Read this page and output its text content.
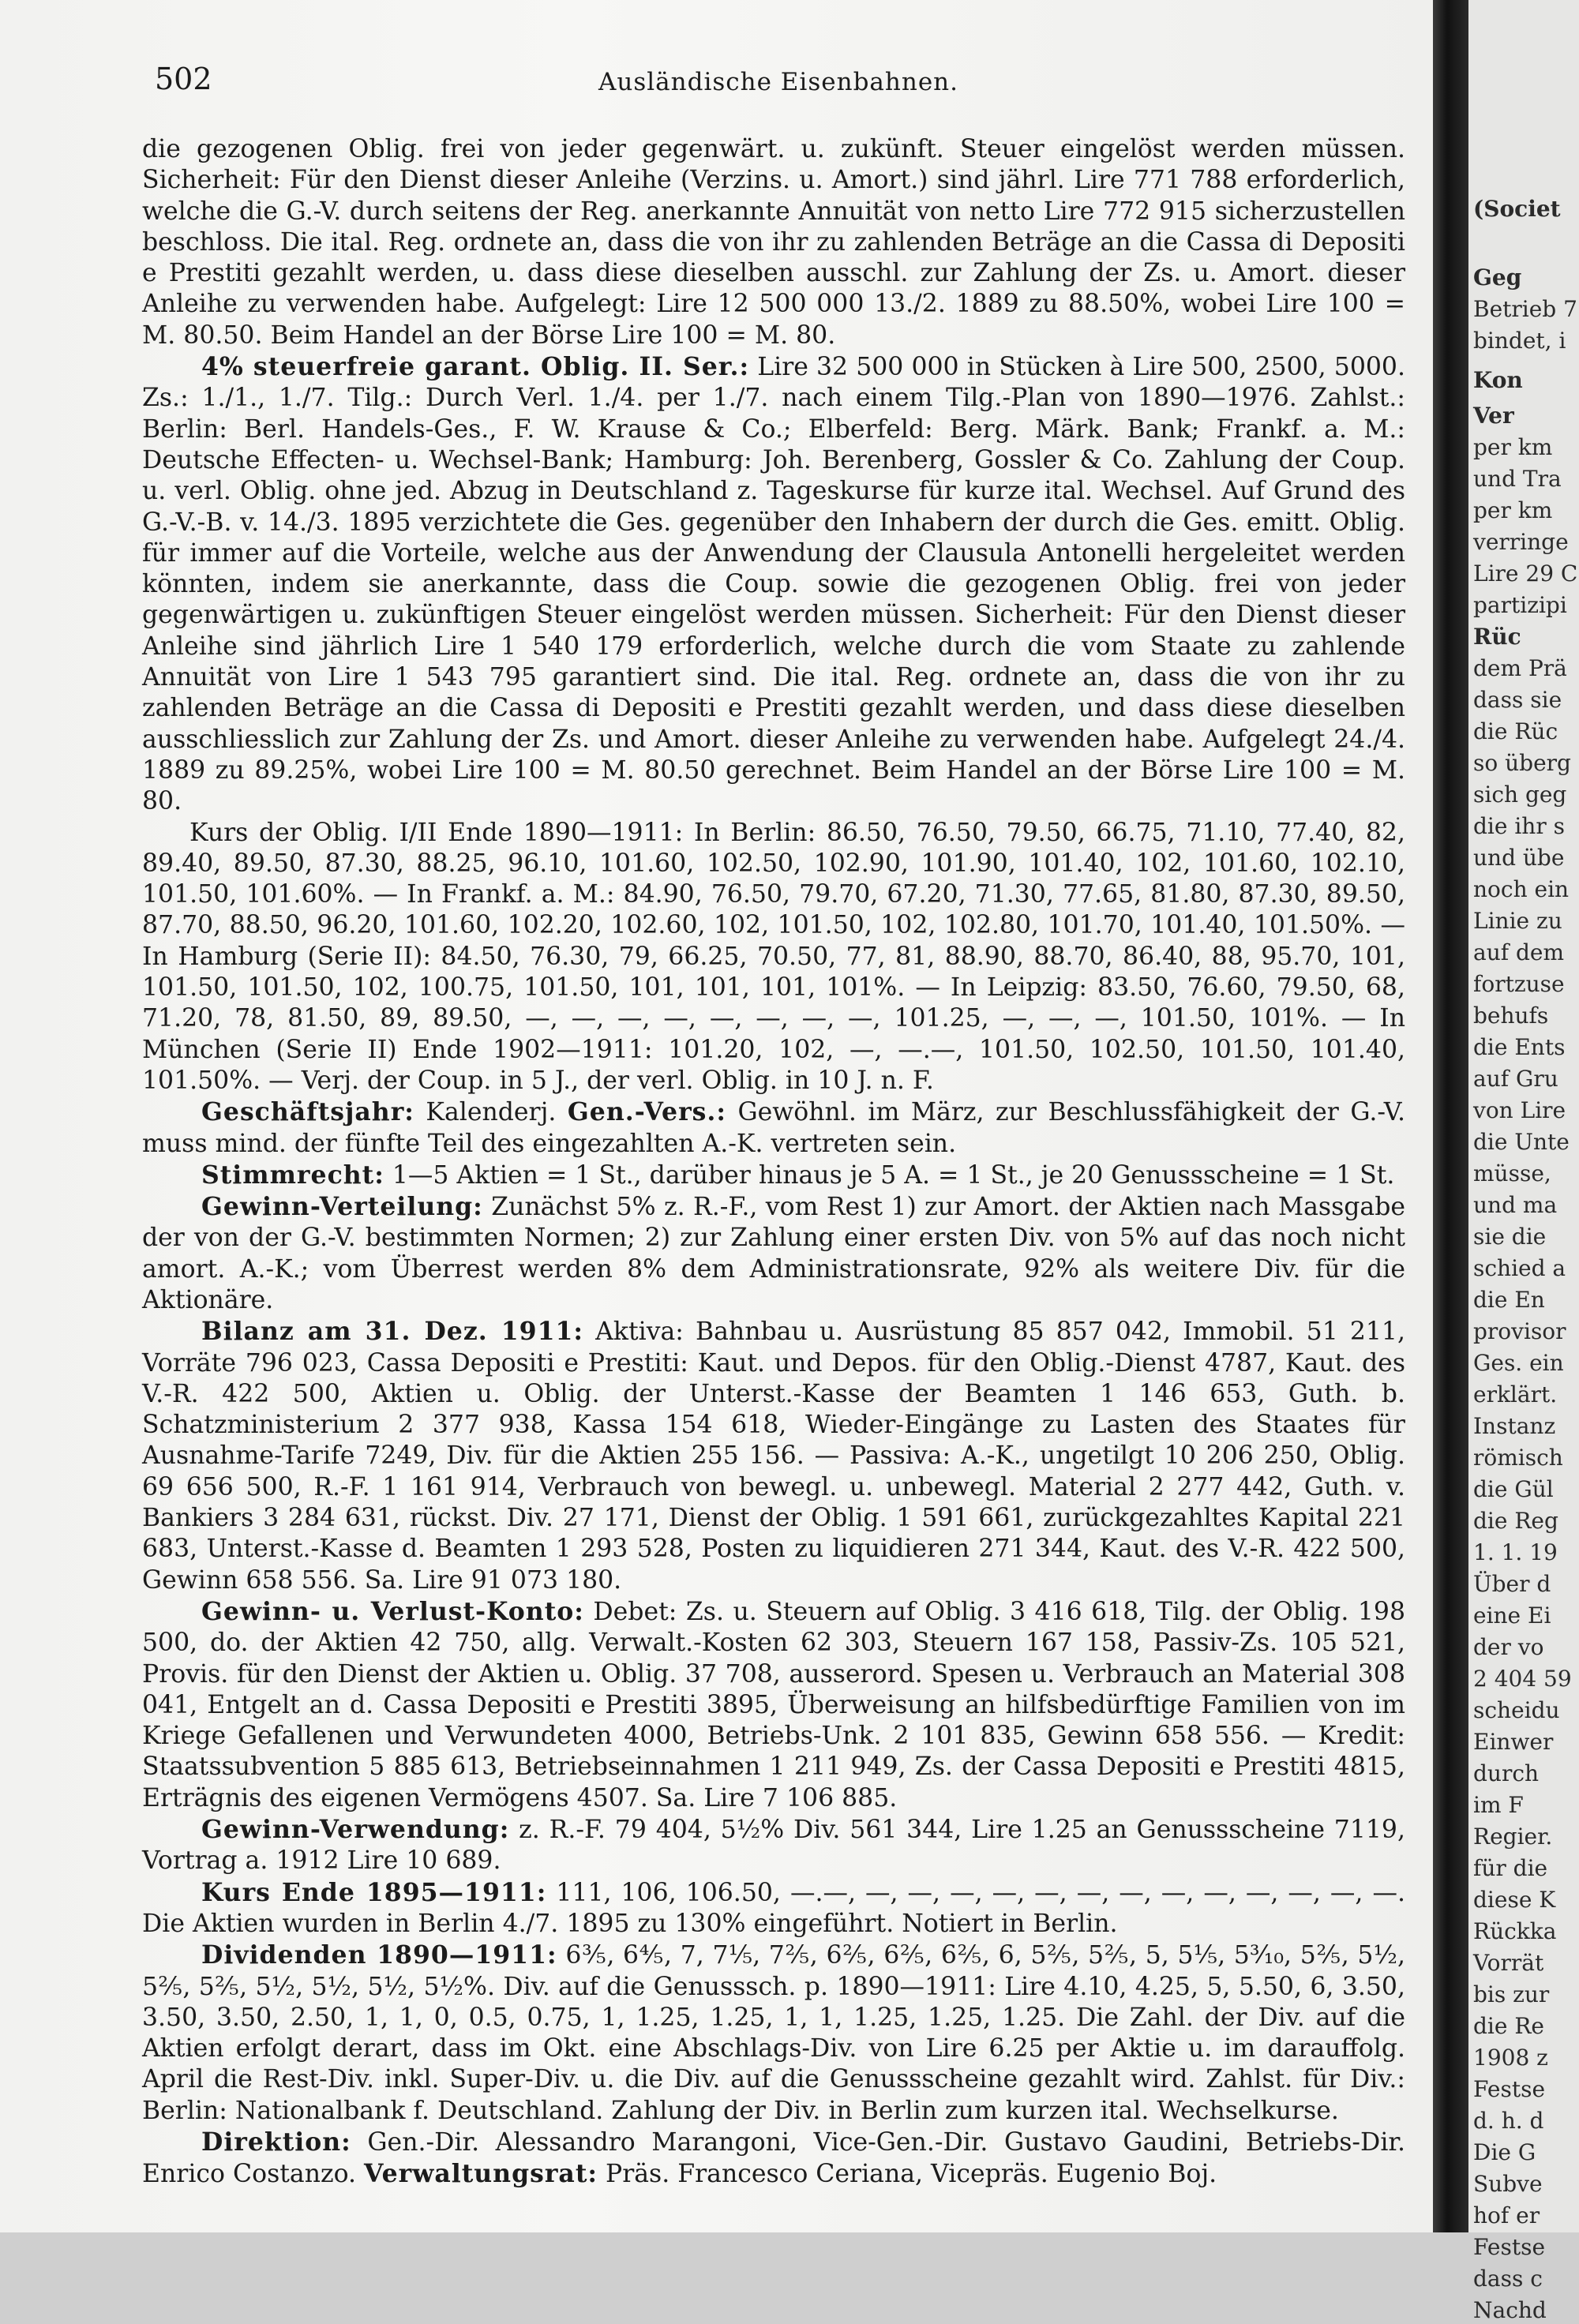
502	Ausländische Eisenbahnen.

die gezogenen Oblig. frei von jeder gegenwärt. u. zukünft. Steuer eingelöst werden müssen. Sicherheit: Für den Dienst dieser Anleihe (Verzins. u. Amort.) sind jährl. Lire 771 788 erforderlich, welche die G.-V. durch seitens der Reg. anerkannte Annuität von netto Lire 772 915 sicherzustellen beschloss. Die ital. Reg. ordnete an, dass die von ihr zu zahlenden Beträge an die Cassa di Depositi e Prestiti gezahlt werden, u. dass diese dieselben ausschl. zur Zahlung der Zs. u. Amort. dieser Anleihe zu verwenden habe. Aufgelegt: Lire 12 500 000 13./2. 1889 zu 88.50%, wobei Lire 100 = M. 80.50. Beim Handel an der Börse Lire 100 = M. 80.

4% steuerfreie garant. Oblig. II. Ser.: Lire 32 500 000 in Stücken à Lire 500, 2500, 5000. Zs.: 1./1., 1./7. Tilg.: Durch Verl. 1./4. per 1./7. nach einem Tilg.-Plan von 1890—1976. Zahlst.: Berlin: Berl. Handels-Ges., F. W. Krause & Co.; Elberfeld: Berg. Märk. Bank; Frankf. a. M.: Deutsche Effecten- u. Wechsel-Bank; Hamburg: Joh. Berenberg, Gossler & Co. Zahlung der Coup. u. verl. Oblig. ohne jed. Abzug in Deutschland z. Tageskurse für kurze ital. Wechsel. Auf Grund des G.-V.-B. v. 14./3. 1895 verzichtete die Ges. gegenüber den Inhabern der durch die Ges. emitt. Oblig. für immer auf die Vorteile, welche aus der Anwendung der Clausula Antonelli hergeleitet werden könnten, indem sie anerkannte, dass die Coup. sowie die gezogenen Oblig. frei von jeder gegenwärtigen u. zukünftigen Steuer eingelöst werden müssen. Sicherheit: Für den Dienst dieser Anleihe sind jährlich Lire 1 540 179 erforderlich, welche durch die vom Staate zu zahlende Annuität von Lire 1 543 795 garantiert sind. Die ital. Reg. ordnete an, dass die von ihr zu zahlenden Beträge an die Cassa di Depositi e Prestiti gezahlt werden, und dass diese dieselben ausschliesslich zur Zahlung der Zs. und Amort. dieser Anleihe zu verwenden habe. Aufgelegt 24./4. 1889 zu 89.25%, wobei Lire 100 = M. 80.50 gerechnet. Beim Handel an der Börse Lire 100 = M. 80.

Kurs der Oblig. I/II Ende 1890—1911: In Berlin: 86.50, 76.50, 79.50, 66.75, 71.10, 77.40, 82, 89.40, 89.50, 87.30, 88.25, 96.10, 101.60, 102.50, 102.90, 101.90, 101.40, 102, 101.60, 102.10, 101.50, 101.60%. — In Frankf. a. M.: 84.90, 76.50, 79.70, 67.20, 71.30, 77.65, 81.80, 87.30, 89.50, 87.70, 88.50, 96.20, 101.60, 102.20, 102.60, 102, 101.50, 102, 102.80, 101.70, 101.40, 101.50%. — In Hamburg (Serie II): 84.50, 76.30, 79, 66.25, 70.50, 77, 81, 88.90, 88.70, 86.40, 88, 95.70, 101, 101.50, 101.50, 102, 100.75, 101.50, 101, 101, 101, 101%. — In Leipzig: 83.50, 76.60, 79.50, 68, 71.20, 78, 81.50, 89, 89.50, —, —, —, —, —, —, —, —, 101.25, —, —, —, 101.50, 101%. — In München (Serie II) Ende 1902—1911: 101.20, 102, —, —.—, 101.50, 102.50, 101.50, 101.40, 101.50%. — Verj. der Coup. in 5 J., der verl. Oblig. in 10 J. n. F.

Geschäftsjahr: Kalenderj. Gen.-Vers.: Gewöhnl. im März, zur Beschlussfähigkeit der G.-V. muss mind. der fünfte Teil des eingezahlten A.-K. vertreten sein.

Stimmrecht: 1—5 Aktien = 1 St., darüber hinaus je 5 A. = 1 St., je 20 Genussscheine = 1 St.

Gewinn-Verteilung: Zunächst 5% z. R.-F., vom Rest 1) zur Amort. der Aktien nach Massgabe der von der G.-V. bestimmten Normen; 2) zur Zahlung einer ersten Div. von 5% auf das noch nicht amort. A.-K.; vom Überrest werden 8% dem Administrationsrate, 92% als weitere Div. für die Aktionäre.

Bilanz am 31. Dez. 1911: Aktiva: Bahnbau u. Ausrüstung 85 857 042, Immobil. 51 211, Vorräte 796 023, Cassa Depositi e Prestiti: Kaut. und Depos. für den Oblig.-Dienst 4787, Kaut. des V.-R. 422 500, Aktien u. Oblig. der Unterst.-Kasse der Beamten 1 146 653, Guth. b. Schatzministerium 2 377 938, Kassa 154 618, Wieder-Eingänge zu Lasten des Staates für Ausnahme-Tarife 7249, Div. für die Aktien 255 156. — Passiva: A.-K., ungetilgt 10 206 250, Oblig. 69 656 500, R.-F. 1 161 914, Verbrauch von bewegl. u. unbewegl. Material 2 277 442, Guth. v. Bankiers 3 284 631, rückst. Div. 27 171, Dienst der Oblig. 1 591 661, zurückgezahltes Kapital 221 683, Unterst.-Kasse d. Beamten 1 293 528, Posten zu liquidieren 271 344, Kaut. des V.-R. 422 500, Gewinn 658 556. Sa. Lire 91 073 180.

Gewinn- u. Verlust-Konto: Debet: Zs. u. Steuern auf Oblig. 3 416 618, Tilg. der Oblig. 198 500, do. der Aktien 42 750, allg. Verwalt.-Kosten 62 303, Steuern 167 158, Passiv-Zs. 105 521, Provis. für den Dienst der Aktien u. Oblig. 37 708, ausserord. Spesen u. Verbrauch an Material 308 041, Entgelt an d. Cassa Depositi e Prestiti 3895, Überweisung an hilfsbedürftige Familien von im Kriege Gefallenen und Verwundeten 4000, Betriebs-Unk. 2 101 835, Gewinn 658 556. — Kredit: Staatssubvention 5 885 613, Betriebseinnahmen 1 211 949, Zs. der Cassa Depositi e Prestiti 4815, Erträgnis des eigenen Vermögens 4507. Sa. Lire 7 106 885.

Gewinn-Verwendung: z. R.-F. 79 404, 5½% Div. 561 344, Lire 1.25 an Genussscheine 7119, Vortrag a. 1912 Lire 10 689.

Kurs Ende 1895—1911: 111, 106, 106.50, —.—, —, —, —, —, —, —, —, —, —, —, —, —, —. Die Aktien wurden in Berlin 4./7. 1895 zu 130% eingeführt. Notiert in Berlin.

Dividenden 1890—1911: 6⅗, 6⅘, 7, 7⅕, 7⅖, 6⅖, 6⅖, 6⅖, 6, 5⅖, 5⅖, 5, 5⅕, 5³⁄₁₀, 5⅖, 5½, 5⅖, 5⅖, 5½, 5½, 5½, 5½%. Div. auf die Genusssch. p. 1890—1911: Lire 4.10, 4.25, 5, 5.50, 6, 3.50, 3.50, 3.50, 2.50, 1, 1, 0, 0.5, 0.75, 1, 1.25, 1.25, 1, 1, 1.25, 1.25, 1.25. Die Zahl. der Div. auf die Aktien erfolgt derart, dass im Okt. eine Abschlags-Div. von Lire 6.25 per Aktie u. im darauffolg. April die Rest-Div. inkl. Super-Div. u. die Div. auf die Genussscheine gezahlt wird. Zahlst. für Div.: Berlin: Nationalbank f. Deutschland. Zahlung der Div. in Berlin zum kurzen ital. Wechselkurse.

Direktion: Gen.-Dir. Alessandro Marangoni, Vice-Gen.-Dir. Gustavo Gaudini, Betriebs-Dir. Enrico Costanzo. Verwaltungsrat: Präs. Francesco Ceriana, Vicepräs. Eugenio Boj.

(Societ
Geg
Betrieb 7
bindet, i
Kon
Ver
per km
und Tra
per km
verringe
Lire 29 C
partizipi
Rüc
dem Prä
dass sie
die Rüc
so überg
sich geg
die ihr s
und übe
noch ein
Linie zu
auf dem
fortzuse
behufs
die Ents
auf Gru
von Lire
die Unte
müsse,
und ma
sie die
schied a
die En
provisor
Ges. ein
erklärt.
Instanz
römisch
die Gül
die Reg
1. 1. 19
Über d
eine Ei
der vo
2 404 59
scheidu
Einwer
durch
im F
Regier.
für die
diese K
Rückka
Vorrät
bis zur
die Re
1908 z
Festse
d. h. d
Die G
Subve
hof er
Festse
dass c
Nachd
